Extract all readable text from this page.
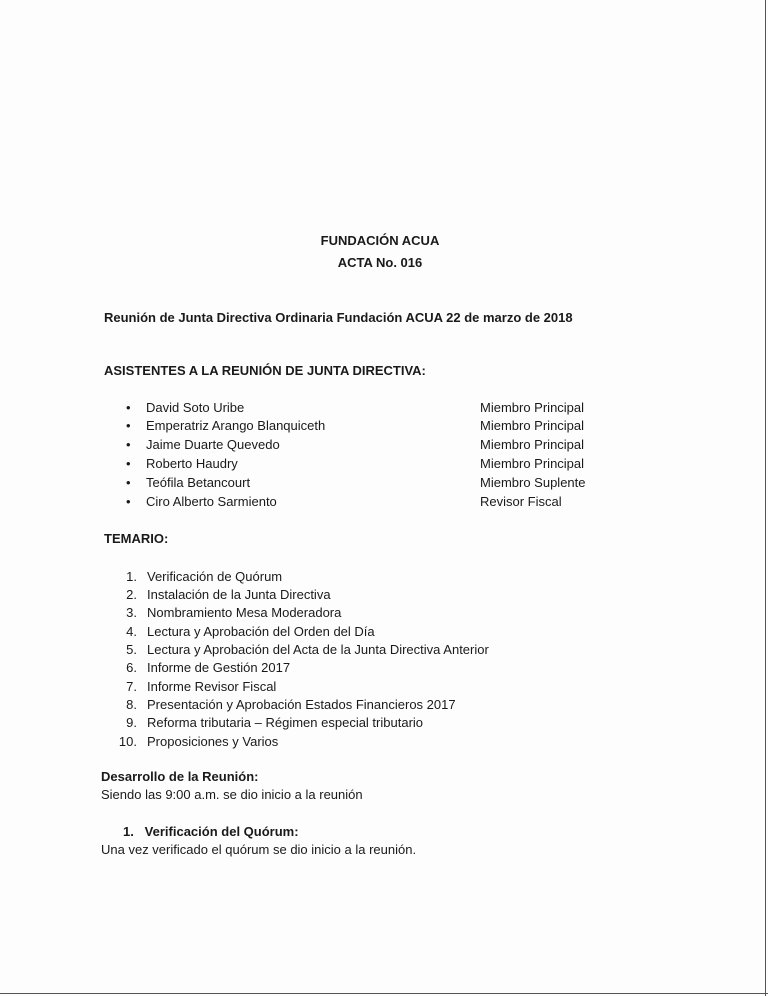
FUNDACIÓN ACUA
ACTA No. 016
Reunión de Junta Directiva Ordinaria Fundación ACUA 22 de marzo de 2018
ASISTENTES A LA REUNIÓN DE JUNTA DIRECTIVA:
• David Soto Uribe	Miembro Principal
• Emperatriz Arango Blanquiceth	Miembro Principal
• Jaime Duarte Quevedo	Miembro Principal
• Roberto Haudry	Miembro Principal
• Teófila Betancourt	Miembro Suplente
• Ciro Alberto Sarmiento	Revisor Fiscal
TEMARIO:
1. Verificación de Quórum
2. Instalación de la Junta Directiva
3. Nombramiento Mesa Moderadora
4. Lectura y Aprobación del Orden del Día
5. Lectura y Aprobación del Acta de la Junta Directiva Anterior
6. Informe de Gestión 2017
7. Informe Revisor Fiscal
8. Presentación y Aprobación Estados Financieros 2017
9. Reforma tributaria – Régimen especial tributario
10. Proposiciones y Varios
Desarrollo de la Reunión:
Siendo las 9:00 a.m. se dio inicio a la reunión
1.   Verificación del Quórum:
Una vez verificado el quórum se dio inicio a la reunión.
